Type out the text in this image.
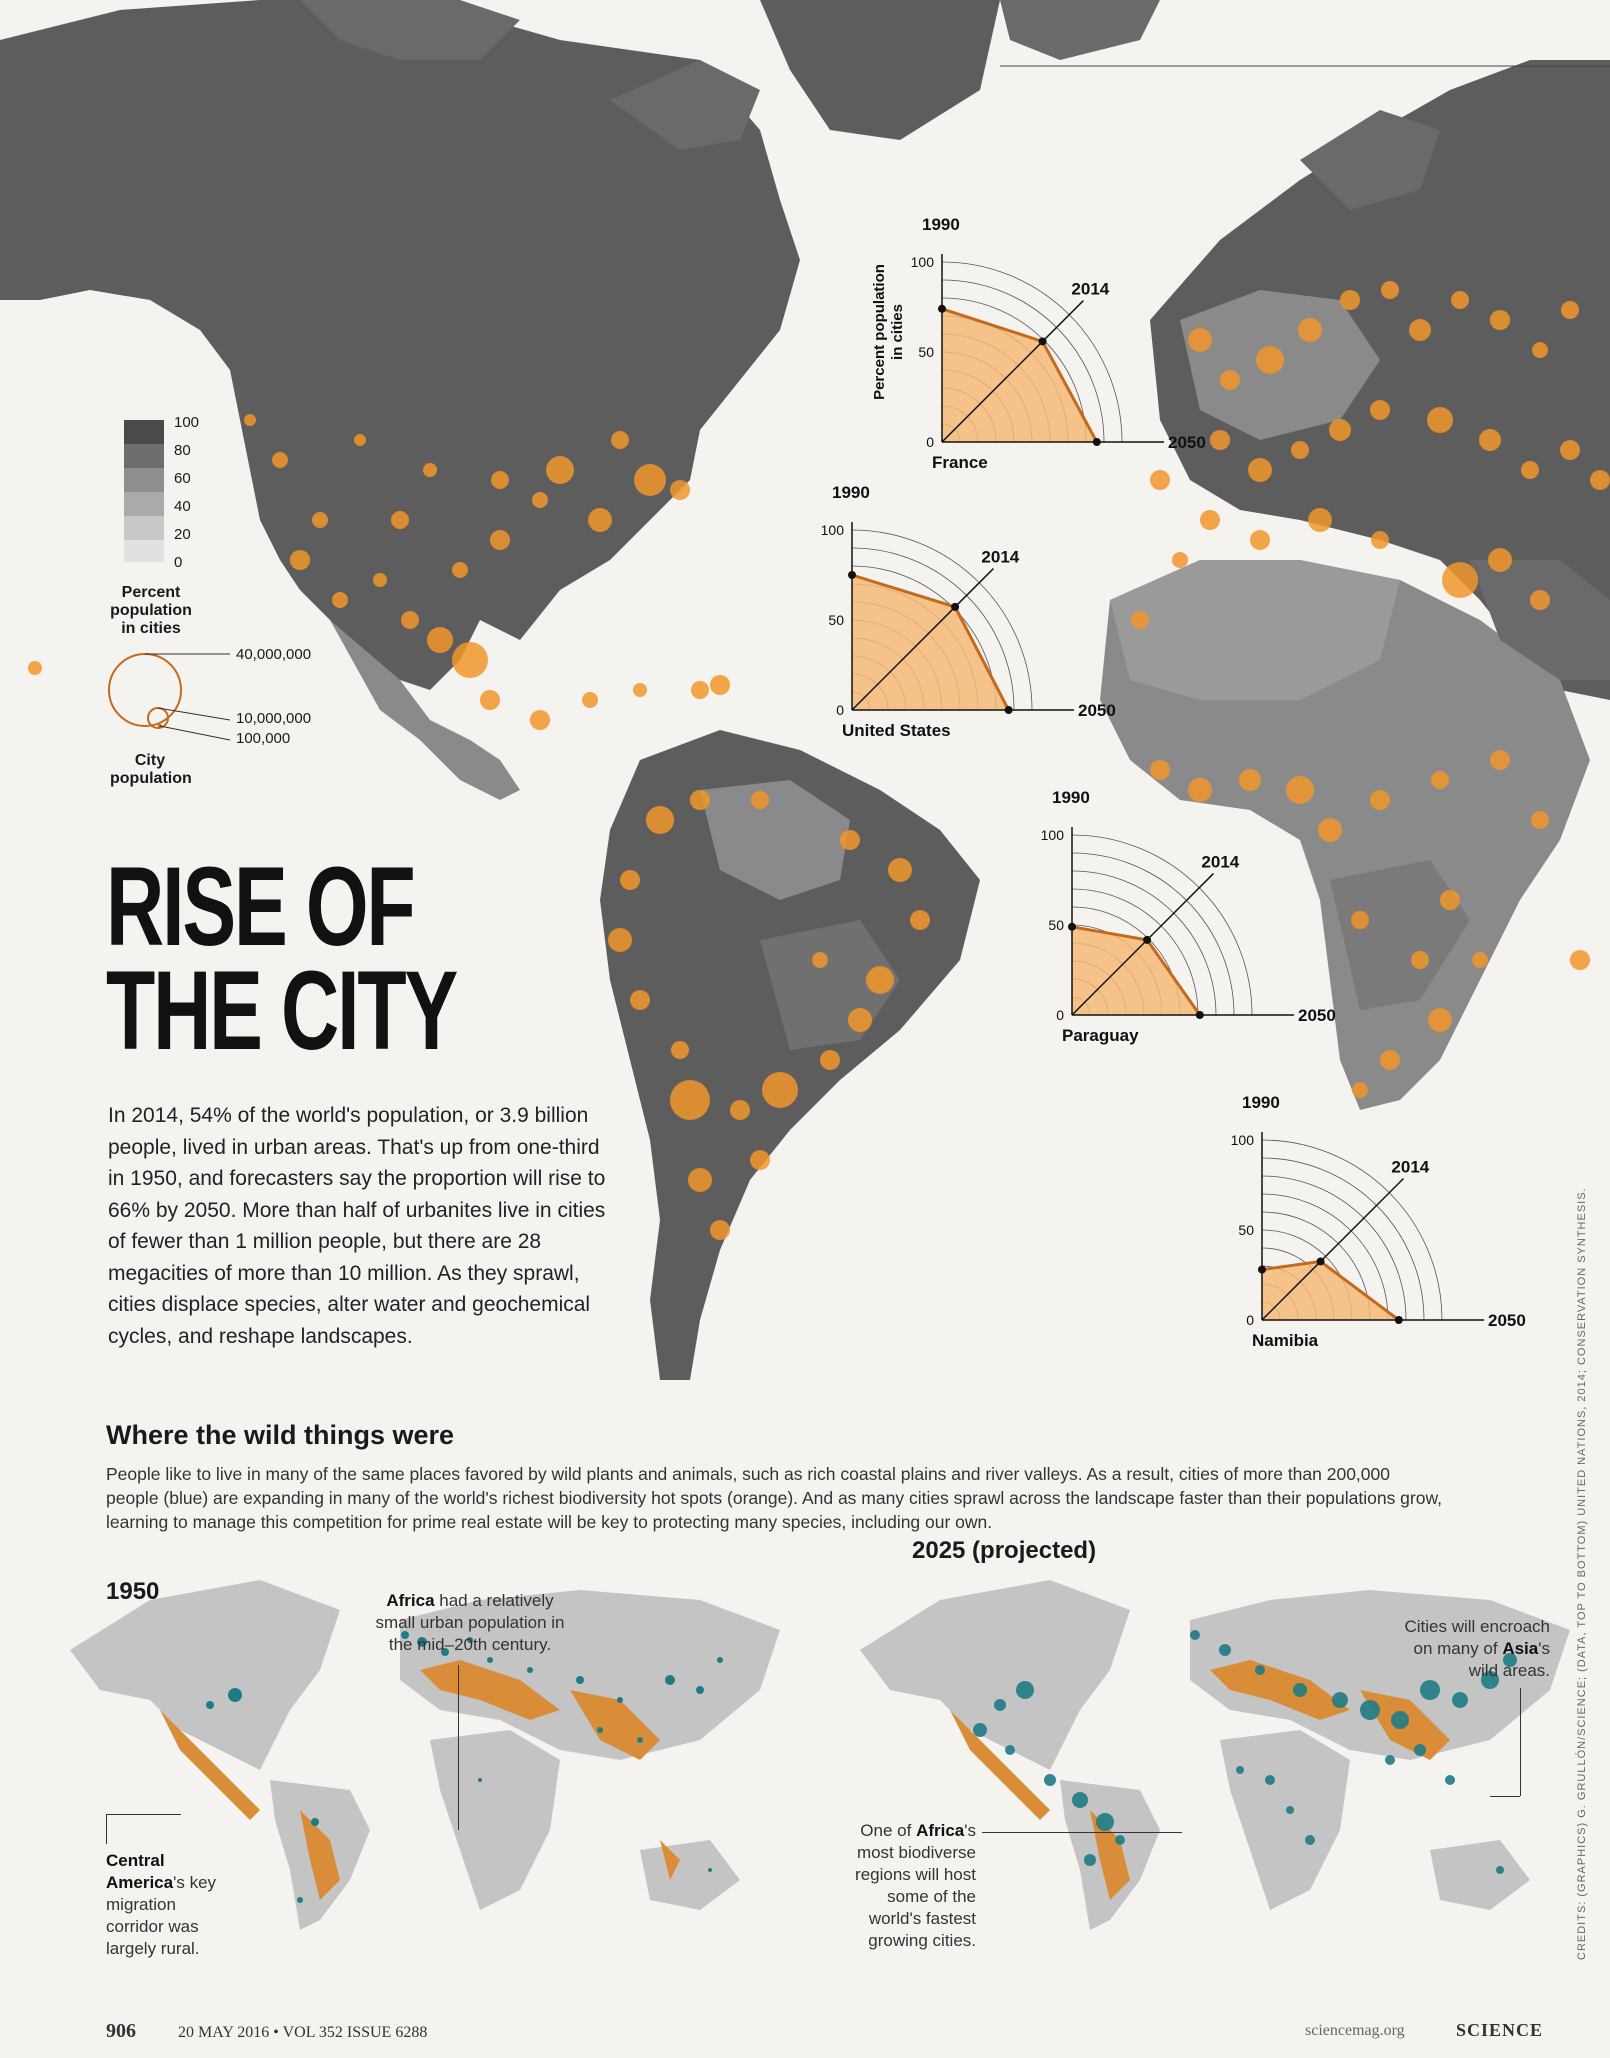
100
80
60
40
20
0
Percent
population
in cities
40,000,000
10,000,000
100,000
City
population
1990
2014
2050
France
100
50
0
Percent population in cities
1990
2014
2050
United States
100
50
0
1990
2014
2050
Paraguay
100
50
0
1990
2014
2050
Namibia
100
50
0
RISE OF
THE CITY
In 2014, 54% of the world's population, or 3.9 billion people, lived in urban areas. That's up from one-third in 1950, and forecasters say the proportion will rise to 66% by 2050. More than half of urbanites live in cities of fewer than 1 million people, but there are 28 megacities of more than 10 million. As they sprawl, cities displace species, alter water and geochemical cycles, and reshape landscapes.
Where the wild things were
People like to live in many of the same places favored by wild plants and animals, such as rich coastal plains and river valleys. As a result, cities of more than 200,000 people (blue) are expanding in many of the world's richest biodiversity hot spots (orange). And as many cities sprawl across the landscape faster than their populations grow, learning to manage this competition for prime real estate will be key to protecting many species, including our own.
1950
2025 (projected)
Africa had a relatively
small urban population in
the mid–20th century.
Central
America's key
migration
corridor was
largely rural.
Cities will encroach
on many of Asia's
wild areas.
One of Africa's
most biodiverse
regions will host
some of the
world's fastest
growing cities.
906	20 MAY 2016 • VOL 352 ISSUE 6288	sciencemag.org	SCIENCE
CREDITS: (GRAPHICS) G. GRULLÓN/SCIENCE; (DATA, TOP TO BOTTOM) UNITED NATIONS, 2014; CONSERVATION SYNTHESIS.
